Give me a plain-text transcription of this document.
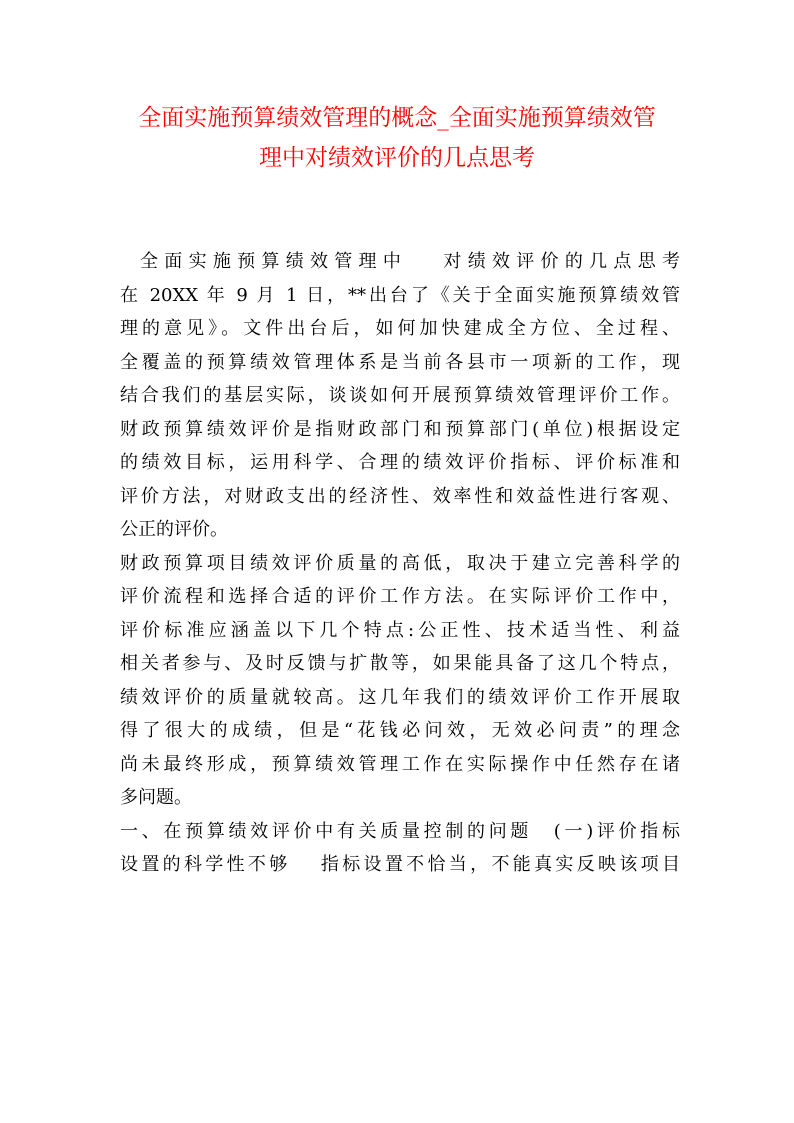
全面实施预算绩效管理的概念_全面实施预算绩效管
理中对绩效评价的几点思考
全面实施预算绩效管理中　 对绩效评价的几点思考
在 20XX 年 9 月 1 日，**出台了《关于全面实施预算绩效管
理的意见》。文件出台后，如何加快建成全方位、全过程、
全覆盖的预算绩效管理体系是当前各县市一项新的工作，现
结合我们的基层实际，谈谈如何开展预算绩效管理评价工作。
财政预算绩效评价是指财政部门和预算部门(单位)根据设定
的绩效目标，运用科学、合理的绩效评价指标、评价标准和
评价方法，对财政支出的经济性、效率性和效益性进行客观、
公正的评价。
财政预算项目绩效评价质量的高低，取决于建立完善科学的
评价流程和选择合适的评价工作方法。在实际评价工作中，
评价标准应涵盖以下几个特点:公正性、技术适当性、利益
相关者参与、及时反馈与扩散等，如果能具备了这几个特点，
绩效评价的质量就较高。这几年我们的绩效评价工作开展取
得了很大的成绩，但是“花钱必问效，无效必问责”的理念
尚未最终形成，预算绩效管理工作在实际操作中任然存在诸
多问题。
一、在预算绩效评价中有关质量控制的问题　(一)评价指标
设置的科学性不够　 指标设置不恰当，不能真实反映该项目
